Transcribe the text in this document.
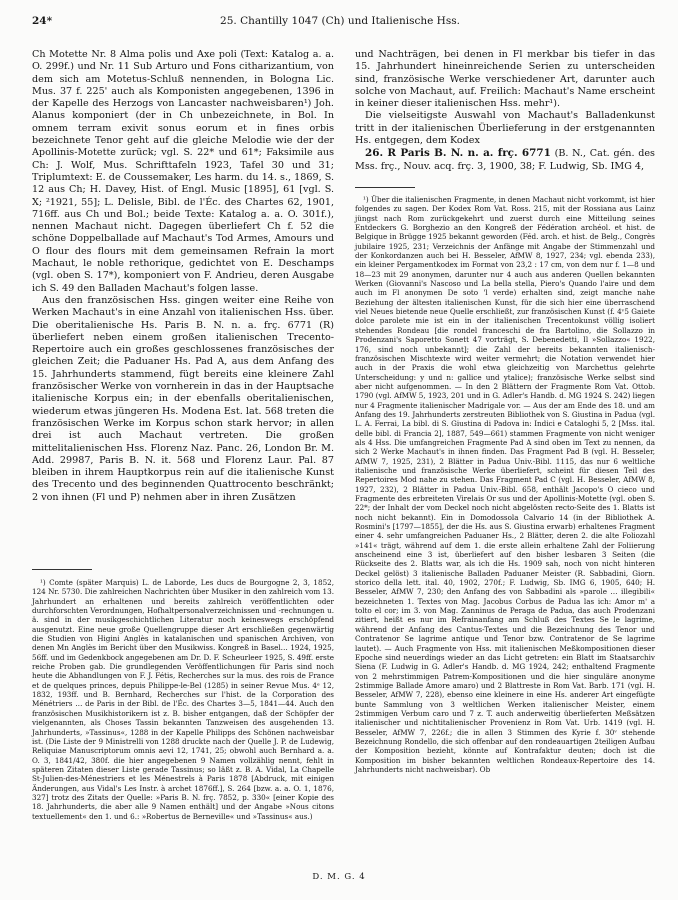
24*	25. Chantilly 1047 (Ch) und Italienische Hss.

Ch Motette Nr. 8 Alma polis und Axe poli (Text: Katalog a. a. O. 299f.) und Nr. 11 Sub Arturo und Fons citharizantium, von dem sich am Motetus-Schluß nennenden, in Bologna Lic. Mus. 37 f. 225' auch als Komponisten angegebenen, 1396 in der Kapelle des Herzogs von Lancaster nachweisbaren¹) Joh. Alanus komponiert (der in Ch unbezeichnete, in Bol. In omnem terram exivit sonus eorum et in fines orbis bezeichnete Tenor geht auf die gleiche Melodie wie der der Apollinis-Motette zurück; vgl. S. 22* und 61*; Faksimile aus Ch: J. Wolf, Mus. Schrifttafeln 1923, Tafel 30 und 31; Triplumtext: E. de Coussemaker, Les harm. du 14. s., 1869, S. 12 aus Ch; H. Davey, Hist. of Engl. Music [1895], 61 [vgl. S. X; ²1921, 55]; L. Delisle, Bibl. de l'Éc. des Chartes 62, 1901, 716ff. aus Ch und Bol.; beide Texte: Katalog a. a. O. 301f.), nennen Machaut nicht. Dagegen überliefert Ch f. 52 die schöne Doppelballade auf Machaut's Tod Armes, Amours und O flour des flours mit dem gemeinsamen Refrain la mort Machaut, le noble rethorique, gedichtet von E. Deschamps (vgl. oben S. 17*), komponiert von F. Andrieu, deren Ausgabe ich S. 49 den Balladen Machaut's folgen lasse.

Aus den französischen Hss. gingen weiter eine Reihe von Werken Machaut's in eine Anzahl von italienischen Hss. über. Die oberitalienische Hs. Paris B. N. n. a. frç. 6771 (R) überliefert neben einem großen italienischen Trecento-Repertoire auch ein großes geschlossenes französisches der gleichen Zeit; die Paduaner Hs. Pad A, aus dem Anfang des 15. Jahrhunderts stammend, fügt bereits eine kleinere Zahl französischer Werke von vornherein in das in der Hauptsache italienische Korpus ein; in der ebenfalls oberitalienischen, wiederum etwas jüngeren Hs. Modena Est. lat. 568 treten die französischen Werke im Korpus schon stark hervor; in allen drei ist auch Machaut vertreten. Die großen mittelitalienischen Hss. Florenz Naz. Panc. 26, London Br. M. Add. 29987, Paris B. N. it. 568 und Florenz Laur. Pal. 87 bleiben in ihrem Hauptkorpus rein auf die italienische Kunst des Trecento und des beginnenden Quattrocento beschränkt; 2 von ihnen (Fl und P) nehmen aber in ihren Zusätzen

¹) Comte (später Marquis) L. de Laborde, Les ducs de Bourgogne 2, 3, 1852, 124 Nr. 5730. Die zahlreichen Nachrichten über Musiker in den zahlreich vom 13. Jahrhundert an erhaltenen und bereits zahlreich veröffentlichten oder durchforschten Verordnungen, Hofhaltpersonalverzeichnissen und -rechnungen u. ä. sind in der musikgeschichtlichen Literatur noch keineswegs erschöpfend ausgenutzt. Eine neue große Quellengruppe dieser Art erschließen gegenwärtig die Studien von Higini Anglès in katalanischen und spanischen Archiven, von denen Mn Anglès im Bericht über den Musikwiss. Kongreß in Basel… 1924, 1925, 56ff. und im Gedenkbock angegebenen am Dr. D. F. Scheurleer 1925, S. 49ff. erste reiche Proben gab. Die grundlegenden Veröffentlichungen für Paris sind noch heute die Abhandlungen von F. J. Fétis, Recherches sur la mus. des rois de France et de quelques princes, depuis Philippe-le-Bel (1285) in seiner Revue Mus. 4ᵉ 12, 1832, 193ff. und B. Bernhard, Recherches sur l'hist. de la Corporation des Ménétriers … de Paris in der Bibl. de l'Éc. des Chartes 3—5, 1841—44. Auch den französischen Musikhistorikern ist z. B. bisher entgangen, daß der Schöpfer der vielgenannten, als Choses Tassin bekannten Tanzweisen des ausgehenden 13. Jahrhunderts, »Tassinus«, 1288 in der Kapelle Philipps des Schönen nachweisbar ist. (Die Liste der 9 Ministrelli von 1288 druckte nach der Quelle J. P. de Ludewig, Reliquiae Manuscriptorum omnis aevi 12, 1741, 25; obwohl auch Bernhard a. a. O. 3, 1841/42, 380f. die hier angegebenen 9 Namen vollzählig nennt, fehlt in späteren Zitaten dieser Liste gerade Tassinus; so läßt z. B. A. Vidal, La Chapelle St-Julien-des-Ménestriers et les Ménestrels à Paris 1878 [Abdruck, mit einigen Änderungen, aus Vidal's Les Instr. à archet 1876ff.], S. 264 [bzw. a. a. O. 1, 1876, 327] trotz des Zitats der Quelle: »Paris B. N. frç. 7852, p. 330« [einer Kopie des 18. Jahrhunderts, die aber alle 9 Namen enthält] und der Angabe »Nous citons textuellement« den 1. und 6.: »Robertus de Berneville« und »Tassinus« aus.)

und Nachträgen, bei denen in Fl merkbar bis tiefer in das 15. Jahrhundert hineinreichende Serien zu unterscheiden sind, französische Werke verschiedener Art, darunter auch solche von Machaut, auf. Freilich: Machaut's Name erscheint in keiner dieser italienischen Hss. mehr¹).

Die vielseitigste Auswahl von Machaut's Balladenkunst tritt in der italienischen Überlieferung in der erstgenannten Hs. entgegen, dem Kodex

26. R Paris B. N. n. a. frç. 6771 (B. N., Cat. gén. des Mss. frç., Nouv. acq. frç. 3, 1900, 38; F. Ludwig, Sb. IMG 4,

¹) Über die italienischen Fragmente, in denen Machaut nicht vorkommt, ist hier folgendes zu sagen. Der Kodex Rom Vat. Ross. 215, mit der Rossiana aus Lainz jüngst nach Rom zurückgekehrt und zuerst durch eine Mitteilung seines Entdeckers G. Borghezio an den Kongreß der Fédération archéol. et hist. de Belgique in Brügge 1925 bekannt geworden (Féd. arch. et hist. de Belg., Congrès jubilaire 1925, 231; Verzeichnis der Anfänge mit Angabe der Stimmenzahl und der Konkordanzen auch bei H. Besseler, AfMW 8, 1927, 234; vgl. ebenda 233), ein kleiner Pergamentkodex im Format von 23,2 : 17 cm, von dem nur f. 1—8 und 18—23 mit 29 anonymen, darunter nur 4 auch aus anderen Quellen bekannten Werken (Giovanni's Nascoso und La bella stella, Piero's Quando l'aire und dem auch im Fl anonymen De soto 'l verde) erhalten sind, zeigt manche nahe Beziehung der ältesten italienischen Kunst, für die sich hier eine überraschend viel Neues bietende neue Quelle erschließt, zur französischen Kunst (f. 4ᵛ5 Gaiete dolce parolete mie ist ein in der italienischen Trecentokunst völlig isoliert stehendes Rondeau [die rondel franceschi de fra Bartolino, die Sollazzo in Prodenzani's Saporetto Sonett 47 vorträgt, S. Debenedetti, Il »Sollazzo« 1922, 176, sind noch unbekannt]; die Zahl der bereits bekannten italienisch-französischen Mischtexte wird weiter vermehrt; die Notation verwendet hier auch in der Praxis die wohl etwa gleichzeitig von Marchettus gelehrte Unterscheidung: y und n: gallice und ytalice); französische Werke selbst sind aber nicht aufgenommen. — In den 2 Blättern der Fragmente Rom Vat. Ottob. 1790 (vgl. AfMW 5, 1923, 201 und in G. Adler's Handb. d. MG 1924 S. 242) liegen nur 4 Fragmente italienischer Madrigale vor. — Aus der am Ende des 18. und am Anfang des 19. Jahrhunderts zerstreuten Bibliothek von S. Giustina in Padua (vgl. L. A. Ferrai, La bibl. di S. Giustina di Padova in: Indici e Cataloghi 5, 2 [Mss. ital. delle bibl. di Francia 2], 1887, 549—661) stammen Fragmente von nicht weniger als 4 Hss. Die umfangreichen Fragmente Pad A sind oben im Text zu nennen, da sich 2 Werke Machaut's in ihnen finden. Das Fragment Pad B (vgl. H. Besseler, AfMW 7, 1925, 231), 2 Blätter in Padua Univ.-Bibl. 1115, das nur 6 weltliche italienische und französische Werke überliefert, scheint für diesen Teil des Repertoires Mod nahe zu stehen. Das Fragment Pad C (vgl. H. Besseler, AfMW 8, 1927, 232), 2 Blätter in Padua Univ.-Bibl. 658, enthält Jacopo's O cieco und Fragmente des erbreiteten Virelais Or sus und der Apollinis-Motette (vgl. oben S. 22*; der Inhalt der vom Deckel noch nicht abgelösten recto-Seite des 1. Blatts ist noch nicht bekannt). Ein in Domodossola Calvario 14 (in der Bibliothek A. Rosmini's [1797—1855], der die Hs. aus S. Giustina erwarb) erhaltenes Fragment einer 4. sehr umfangreichen Paduaner Hs., 2 Blätter, deren 2. die alte Foliozahl »141« trägt, während auf dem 1. die erste allein erhaltene Zahl der Foliierung anscheinend eine 3 ist, überliefert auf den bisher lesbaren 3 Seiten (die Rückseite des 2. Blatts war, als ich die Hs. 1909 sah, noch von nicht hinteren Deckel gelöst) 3 italienische Balladen Paduaner Meister (R. Sabbadini, Giorn. storico della lett. ital. 40, 1902, 270f.; F. Ludwig, Sb. IMG 6, 1905, 640; H. Besseler, AfMW 7, 230; den Anfang des von Sabbadini als »parole … illegibili« bezeichneten 1. Textes von Mag. Jacobus Corbus de Padua las ich: Amor m' a tolto el cor; im 3. von Mag. Zanninus de Peraga de Padua, das auch Prodenzani zitiert, heißt es nur im Refrainanfang am Schluß des Textes Se le lagrime, während der Anfang des Cantus-Textes und die Bezeichnung des Tenor und Contratenor Se lagrime antique und Tenor bzw. Contratenor de Se lagrime lautet). — Auch Fragmente von Hss. mit italienischen Meßkompositionen dieser Epoche sind neuerdings wieder an das Licht getreten: ein Blatt im Staatsarchiv Siena (F. Ludwig in G. Adler's Handb. d. MG 1924, 242; enthaltend Fragmente von 2 mehrstimmigen Patrem-Kompositionen und die hier singuläre anonyme 2stimmige Ballade Amore amaro) und 2 Blattreste in Rom Vat. Barb. 171 (vgl. H. Besseler, AfMW 7, 228), ebenso eine kleinere in eine Hs. anderer Art eingefügte bunte Sammlung von 3 weltlichen Werken italienischer Meister, einem 2stimmigen Verbum caro und 7 z. T. auch anderweitig überlieferten Meßsätzen italienischer und nichtitalienischer Provenienz in Rom Vat. Urb. 1419 (vgl. H. Besseler, AfMW 7, 226f.; die in allen 3 Stimmen des Kyrie f. 30ᵛ stehende Bezeichnung Rondello, die sich offenbar auf den rondeauartigen 2teiligen Aufbau der Komposition bezieht, könnte auf Kontrafaktur deuten; doch ist die Komposition im bisher bekannten weltlichen Rondeaux-Repertoire des 14. Jahrhunderts nicht nachweisbar). Ob

D. M. G. 4
